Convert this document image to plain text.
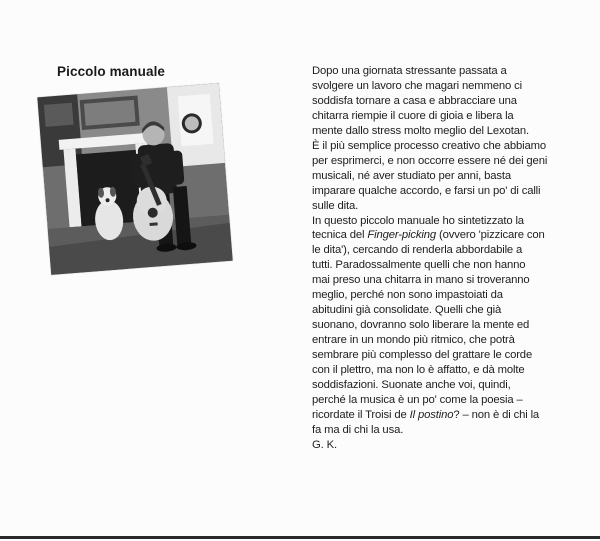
Piccolo manuale	Dopo una giornata stressante passata a
svolgere un lavoro che magari nemmeno ci
soddisfa tornare a casa e abbracciare una
chitarra riempie il cuore di gioia e libera la
mente dallo stress molto meglio del Lexotan.
È il più semplice processo creativo che abbiamo
per esprimerci, e non occorre essere né dei geni
musicali, né aver studiato per anni, basta
imparare qualche accordo, e farsi un po' di calli
sulle dita.
In questo piccolo manuale ho sintetizzato la
tecnica del Finger-picking (ovvero 'pizzicare con
le dita'), cercando di renderla abbordabile a
tutti. Paradossalmente quelli che non hanno
mai preso una chitarra in mano si troveranno
meglio, perché non sono impastoiati da
abitudini già consolidate. Quelli che già
suonano, dovranno solo liberare la mente ed
entrare in un mondo più ritmico, che potrà
sembrare più complesso del grattare le corde
con il plettro, ma non lo è affatto, e dà molte
soddisfazioni. Suonate anche voi, quindi,
perché la musica è un po' come la poesia –
ricordate il Troisi de Il postino? – non è di chi la
fa ma di chi la usa.
G. K.
